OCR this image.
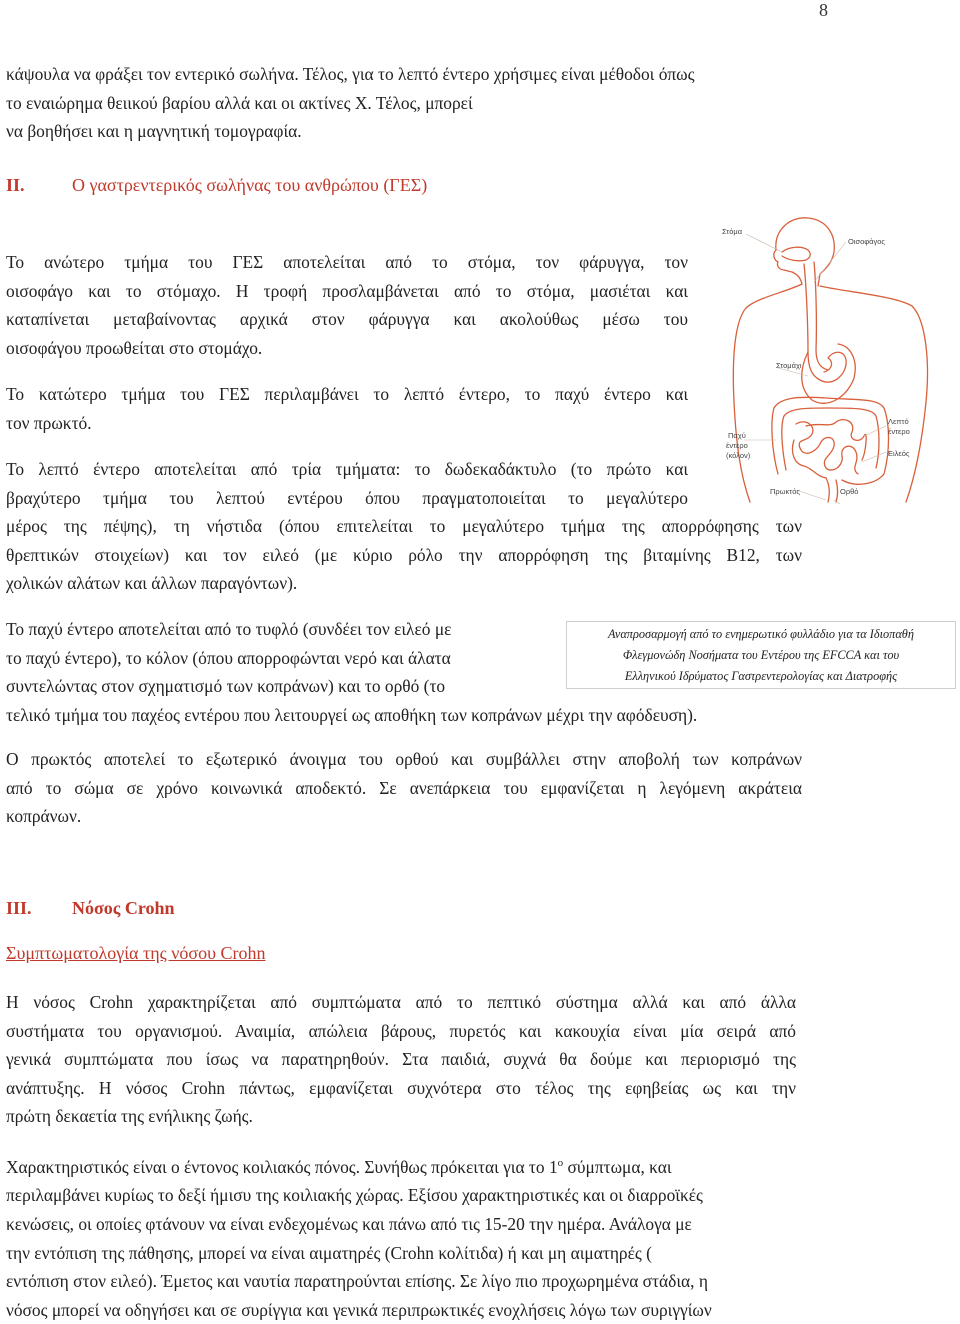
8
κάψουλα να φράξει τον εντερικό σωλήνα. Τέλος, για το λεπτό έντερο χρήσιμες είναι μέθοδοι όπως
το εναιώρημα θειικού βαρίου αλλά και οι ακτίνες Χ. Τέλος, μπορεί
να βοηθήσει και η μαγνητική τομογραφία.
II.	Ο γαστρεντερικός σωλήνας του ανθρώπου (ΓΕΣ)
Το ανώτερο τμήμα του ΓΕΣ αποτελείται από το στόμα, τον φάρυγγα, τον
οισοφάγο και το στόμαχο. Η τροφή προσλαμβάνεται από το στόμα, μασιέται και
καταπίνεται μεταβαίνοντας αρχικά στον φάρυγγα και ακολούθως μέσω του
οισοφάγου προωθείται στο στομάχο.
Το κατώτερο τμήμα του ΓΕΣ περιλαμβάνει το λεπτό έντερο, το παχύ έντερο και
τον πρωκτό.
Το λεπτό έντερο αποτελείται από τρία τμήματα: το δωδεκαδάκτυλο (το πρώτο και
βραχύτερο τμήμα του λεπτού εντέρου όπου πραγματοποιείται το μεγαλύτερο
μέρος της πέψης), τη νήστιδα (όπου επιτελείται το μεγαλύτερο τμήμα της απορρόφησης των
θρεπτικών στοιχείων) και τον ειλεό (με κύριο ρόλο την απορρόφηση της βιταμίνης Β12, των
χολικών αλάτων και άλλων παραγόντων).
Το παχύ έντερο αποτελείται από το τυφλό (συνδέει τον ειλεό με
το παχύ έντερο), το κόλον (όπου απορροφώνται νερό και άλατα
συντελώντας στον σχηματισμό των κοπράνων) και το ορθό (το
τελικό τμήμα του παχέος εντέρου που λειτουργεί ως αποθήκη των κοπράνων μέχρι την αφόδευση).
Αναπροσαρμογή από το ενημερωτικό φυλλάδιο για τα Ιδιοπαθή
Φλεγμονώδη Νοσήματα του Εντέρου της EFCCA και του
Ελληνικού Ιδρύματος Γαστρεντερολογίας και Διατροφής
Ο πρωκτός αποτελεί το εξωτερικό άνοιγμα του ορθού και συμβάλλει στην αποβολή των κοπράνων
από το σώμα σε χρόνο κοινωνικά αποδεκτό. Σε ανεπάρκεια του εμφανίζεται η λεγόμενη ακράτεια
κοπράνων.
III. Νόσος Crohn
Συμπτωματολογία της νόσου Crohn
Η νόσος Crohn χαρακτηρίζεται από συμπτώματα από το πεπτικό σύστημα αλλά και από άλλα
συστήματα του οργανισμού. Αναιμία, απώλεια βάρους, πυρετός και κακουχία είναι μία σειρά από
γενικά συμπτώματα που ίσως να παρατηρηθούν. Στα παιδιά, συχνά θα δούμε και περιορισμό της
ανάπτυξης. Η νόσος Crohn πάντως, εμφανίζεται συχνότερα στο τέλος της εφηβείας ως και την
πρώτη δεκαετία της ενήλικης ζωής.
Χαρακτηριστικός είναι ο έντονος κοιλιακός πόνος. Συνήθως πρόκειται για το $1^o$ σύμπτωμα, και
περιλαμβάνει κυρίως το δεξί ήμισυ της κοιλιακής χώρας. Εξίσου χαρακτηριστικές και οι διαρροϊκές
κενώσεις, οι οποίες φτάνουν να είναι ενδεχομένως και πάνω από τις 15-20 την ημέρα. Ανάλογα με
την εντόπιση της πάθησης, μπορεί να είναι αιματηρές (Crohn κολίτιδα) ή και μη αιματηρές (
εντόπιση στον ειλεό). Έμετος και ναυτία παρατηρούνται επίσης. Σε λίγο πιο προχωρημένα στάδια, η
νόσος μπορεί να οδηγήσει και σε συρίγγια και γενικά περιπρωκτικές ενοχλήσεις λόγω των συριγγίων
Στόμα
Οισοφάγος
Στομάχι
Παχύ
έντερο
(κόλον)
Λεπτό
έντερο
Ειλεός
Πρωκτός	Ορθό
